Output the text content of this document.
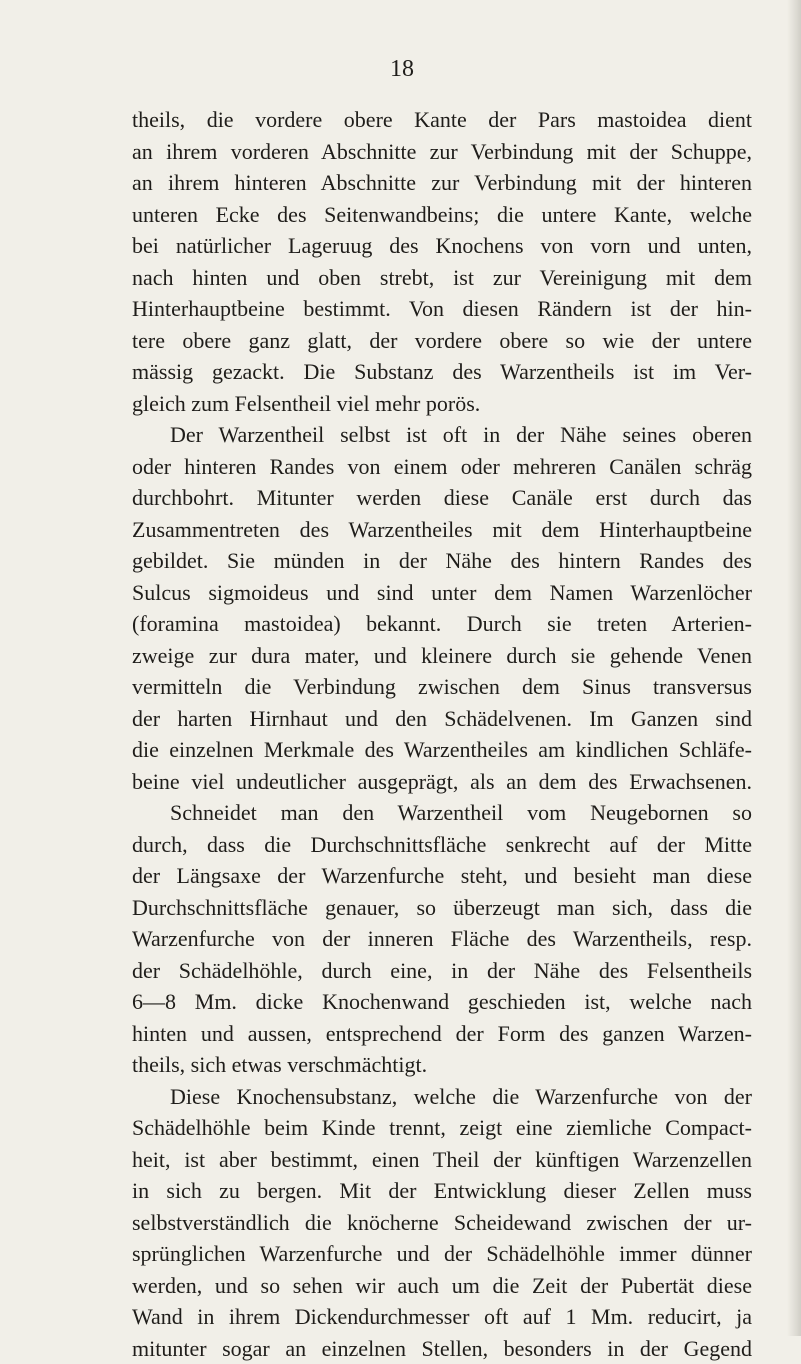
18
theils, die vordere obere Kante der Pars mastoidea dient
an ihrem vorderen Abschnitte zur Verbindung mit der Schuppe,
an ihrem hinteren Abschnitte zur Verbindung mit der hinteren
unteren Ecke des Seitenwandbeins; die untere Kante, welche
bei natürlicher Lageruug des Knochens von vorn und unten,
nach hinten und oben strebt, ist zur Vereinigung mit dem
Hinterhauptbeine bestimmt. Von diesen Rändern ist der hin-
tere obere ganz glatt, der vordere obere so wie der untere
mässig gezackt. Die Substanz des Warzentheils ist im Ver-
gleich zum Felsentheil viel mehr porös.
Der Warzentheil selbst ist oft in der Nähe seines oberen
oder hinteren Randes von einem oder mehreren Canälen schräg
durchbohrt. Mitunter werden diese Canäle erst durch das
Zusammentreten des Warzentheiles mit dem Hinterhauptbeine
gebildet. Sie münden in der Nähe des hintern Randes des
Sulcus sigmoideus und sind unter dem Namen Warzenlöcher
(foramina mastoidea) bekannt. Durch sie treten Arterien-
zweige zur dura mater, und kleinere durch sie gehende Venen
vermitteln die Verbindung zwischen dem Sinus transversus
der harten Hirnhaut und den Schädelvenen. Im Ganzen sind
die einzelnen Merkmale des Warzentheiles am kindlichen Schläfe-
beine viel undeutlicher ausgeprägt, als an dem des Erwachsenen.
Schneidet man den Warzentheil vom Neugebornen so
durch, dass die Durchschnittsfläche senkrecht auf der Mitte
der Längsaxe der Warzenfurche steht, und besieht man diese
Durchschnittsfläche genauer, so überzeugt man sich, dass die
Warzenfurche von der inneren Fläche des Warzentheils, resp.
der Schädelhöhle, durch eine, in der Nähe des Felsentheils
6—8 Mm. dicke Knochenwand geschieden ist, welche nach
hinten und aussen, entsprechend der Form des ganzen Warzen-
theils, sich etwas verschmächtigt.
Diese Knochensubstanz, welche die Warzenfurche von der
Schädelhöhle beim Kinde trennt, zeigt eine ziemliche Compact-
heit, ist aber bestimmt, einen Theil der künftigen Warzenzellen
in sich zu bergen. Mit der Entwicklung dieser Zellen muss
selbstverständlich die knöcherne Scheidewand zwischen der ur-
sprünglichen Warzenfurche und der Schädelhöhle immer dünner
werden, und so sehen wir auch um die Zeit der Pubertät diese
Wand in ihrem Dickendurchmesser oft auf 1 Mm. reducirt, ja
mitunter sogar an einzelnen Stellen, besonders in der Gegend
